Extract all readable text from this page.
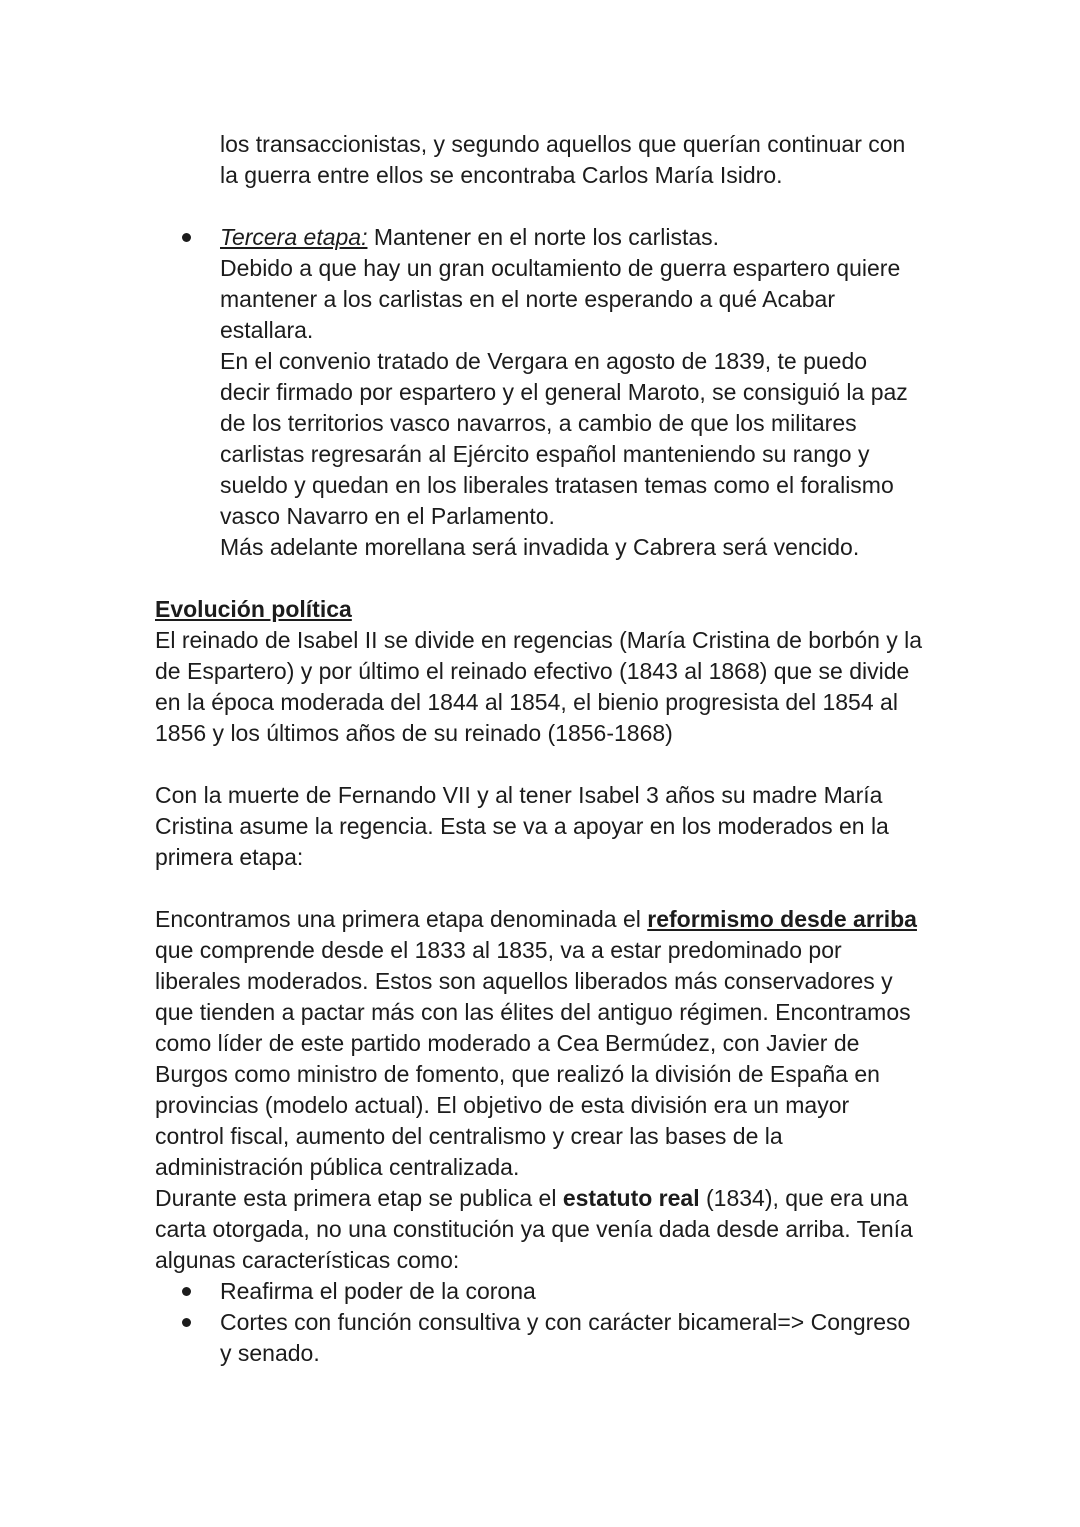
los transaccionistas, y segundo aquellos que querían continuar con
la guerra entre ellos se encontraba Carlos María Isidro.
Tercera etapa: Mantener en el norte los carlistas.
Debido a que hay un gran ocultamiento de guerra espartero quiere
mantener a los carlistas en el norte esperando a qué Acabar
estallara.
En el convenio tratado de Vergara en agosto de 1839, te puedo
decir firmado por espartero y el general Maroto, se consiguió la paz
de los territorios vasco navarros, a cambio de que los militares
carlistas regresarán al Ejército español manteniendo su rango y
sueldo y quedan en los liberales tratasen temas como el foralismo
vasco Navarro en el Parlamento.
Más adelante morellana será invadida y Cabrera será vencido.
Evolución política
El reinado de Isabel II se divide en regencias (María Cristina de borbón y la
de Espartero) y por último el reinado efectivo (1843 al 1868) que se divide
en la época moderada del 1844 al 1854, el bienio progresista del 1854 al
1856 y los últimos años de su reinado (1856-1868)
Con la muerte de Fernando VII y al tener Isabel 3 años su madre María
Cristina asume la regencia. Esta se va a apoyar en los moderados en la
primera etapa:
Encontramos una primera etapa denominada el reformismo desde arriba
que comprende desde el 1833 al 1835, va a estar predominado por
liberales moderados. Estos son aquellos liberados más conservadores y
que tienden a pactar más con las élites del antiguo régimen. Encontramos
como líder de este partido moderado a Cea Bermúdez, con Javier de
Burgos como ministro de fomento, que realizó la división de España en
provincias (modelo actual). El objetivo de esta división era un mayor
control fiscal, aumento del centralismo y crear las bases de la
administración pública centralizada.
Durante esta primera etap se publica el estatuto real (1834), que era una
carta otorgada, no una constitución ya que venía dada desde arriba. Tenía
algunas características como:
Reafirma el poder de la corona
Cortes con función consultiva y con carácter bicameral=> Congreso
y senado.
